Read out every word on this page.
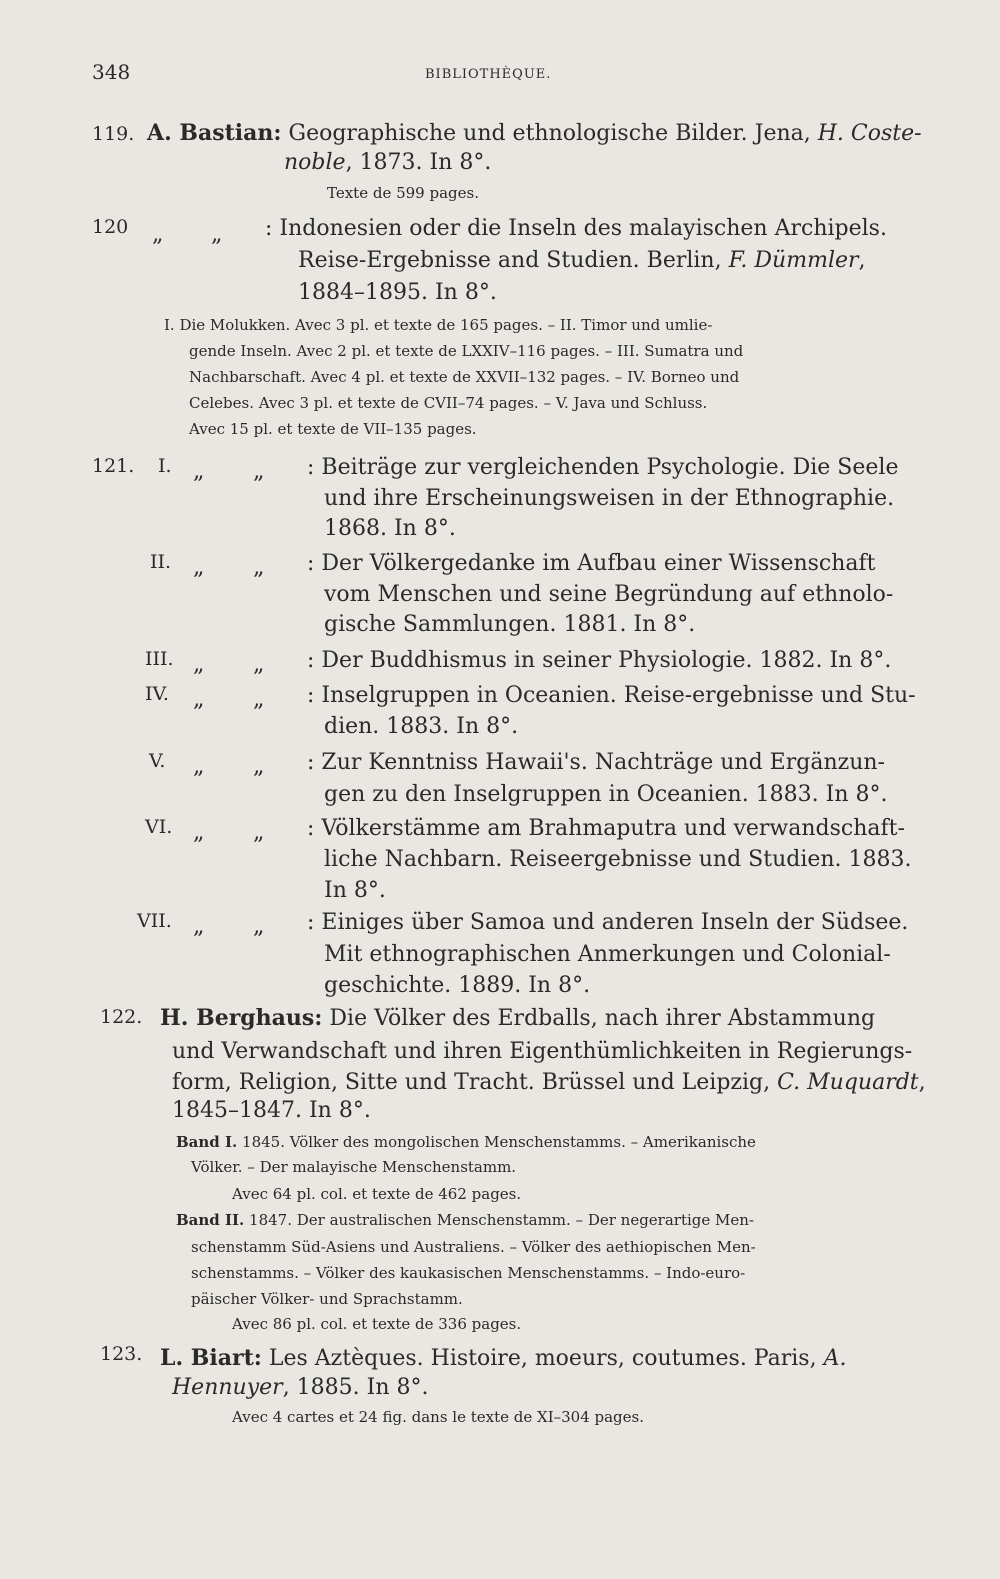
348	BIBLIOTHÈQUE.
119. A. Bastian: Geographische und ethnologische Bilder. Jena, H. Coste-
noble, 1873. In 8°.
Texte de 599 pages.
120 „ „ : Indonesien oder die Inseln des malayischen Archipels.
Reise-Ergebnisse and Studien. Berlin, F. Dümmler,
1884–1895. In 8°.
I. Die Molukken. Avec 3 pl. et texte de 165 pages. – II. Timor und umlie-
gende Inseln. Avec 2 pl. et texte de LXXIV–116 pages. – III. Sumatra und
Nachbarschaft. Avec 4 pl. et texte de XXVII–132 pages. – IV. Borneo und
Celebes. Avec 3 pl. et texte de CVII–74 pages. – V. Java und Schluss.
Avec 15 pl. et texte de VII–135 pages.
121. I. „ „ : Beiträge zur vergleichenden Psychologie. Die Seele
und ihre Erscheinungsweisen in der Ethnographie.
1868. In 8°.
II. „ „ : Der Völkergedanke im Aufbau einer Wissenschaft
vom Menschen und seine Begründung auf ethnolo-
gische Sammlungen. 1881. In 8°.
III. „ „ : Der Buddhismus in seiner Physiologie. 1882. In 8°.
IV. „ „ : Inselgruppen in Oceanien. Reise-ergebnisse und Stu-
dien. 1883. In 8°.
V. „ „ : Zur Kenntniss Hawaii's. Nachträge und Ergänzun-
gen zu den Inselgruppen in Oceanien. 1883. In 8°.
VI. „ „ : Völkerstämme am Brahmaputra und verwandschaft-
liche Nachbarn. Reiseergebnisse und Studien. 1883.
In 8°.
VII. „ „ : Einiges über Samoa und anderen Inseln der Südsee.
Mit ethnographischen Anmerkungen und Colonial-
geschichte. 1889. In 8°.
122. H. Berghaus: Die Völker des Erdballs, nach ihrer Abstammung
und Verwandschaft und ihren Eigenthümlichkeiten in Regierungs-
form, Religion, Sitte und Tracht. Brüssel und Leipzig, C. Muquardt,
1845–1847. In 8°.
Band I. 1845. Völker des mongolischen Menschenstamms. – Amerikanische
Völker. – Der malayische Menschenstamm.
Avec 64 pl. col. et texte de 462 pages.
Band II. 1847. Der australischen Menschenstamm. – Der negerartige Men-
schenstamm Süd-Asiens und Australiens. – Völker des aethiopischen Men-
schenstamms. – Völker des kaukasischen Menschenstamms. – Indo-euro-
päischer Völker- und Sprachstamm.
Avec 86 pl. col. et texte de 336 pages.
123. L. Biart: Les Aztèques. Histoire, moeurs, coutumes. Paris, A.
Hennuyer, 1885. In 8°.
Avec 4 cartes et 24 fig. dans le texte de XI–304 pages.
